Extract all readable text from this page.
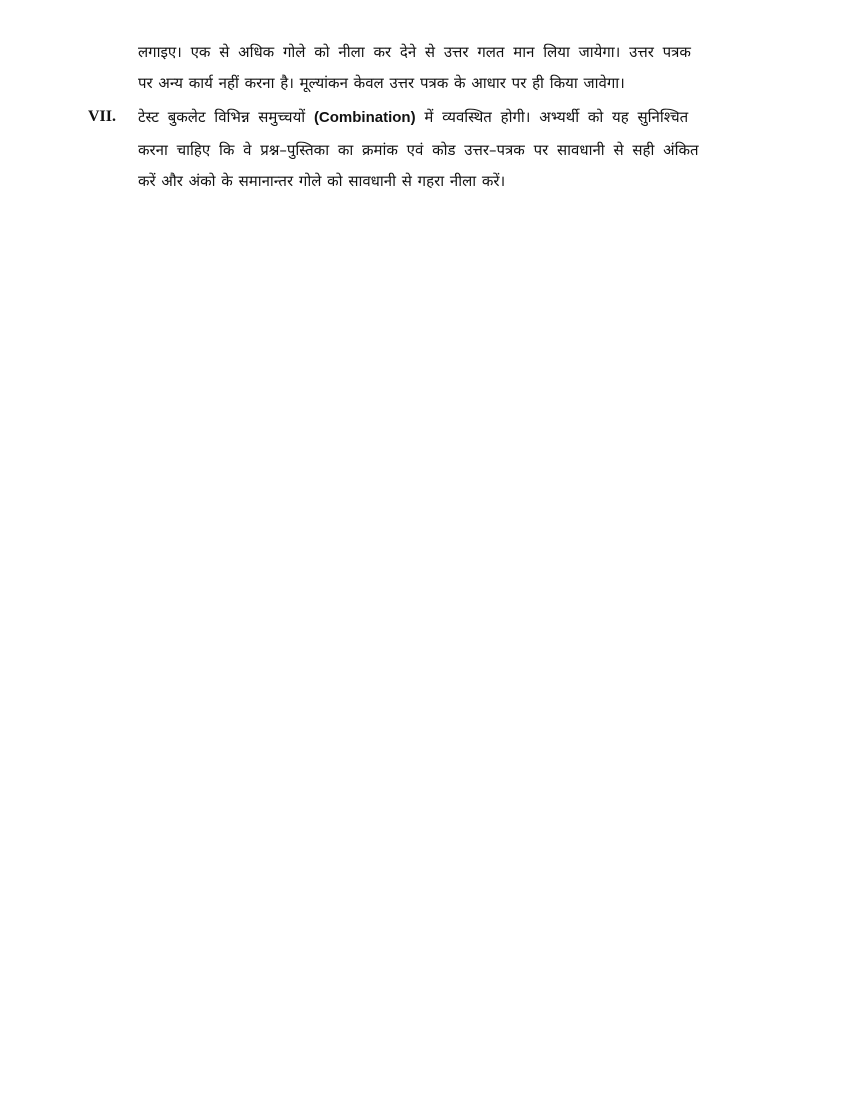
लगाइए। एक से अधिक गोले को नीला कर देने से उत्तर गलत मान लिया जायेगा। उत्तर पत्रक
पर अन्य कार्य नहीं करना है। मूल्यांकन केवल उत्तर पत्रक के आधार पर ही किया जावेगा।
VII. टेस्ट बुकलेट विभिन्न समुच्चयों (Combination) में व्यवस्थित होगी। अभ्यर्थी को यह सुनिश्चित
करना चाहिए कि वे प्रश्न–पुस्तिका का क्रमांक एवं कोड उत्तर–पत्रक पर सावधानी से सही अंकित
करें और अंको के समानान्तर गोले को सावधानी से गहरा नीला करें।
